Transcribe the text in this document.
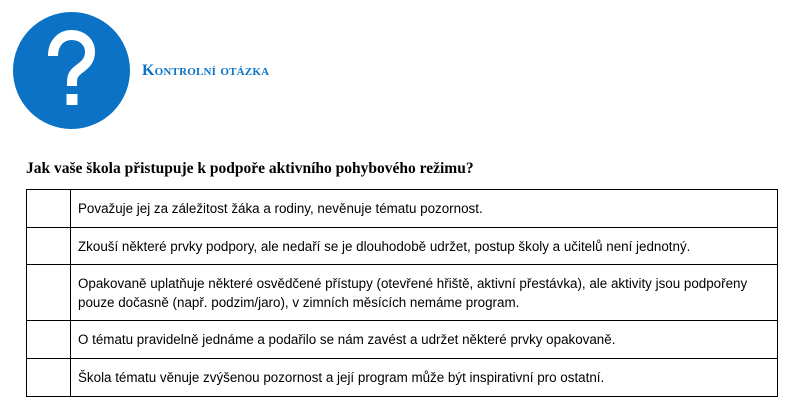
Kontrolní otázka
Jak vaše škola přistupuje k podpoře aktivního pohybového režimu?
	Považuje jej za záležitost žáka a rodiny, nevěnuje tématu pozornost.
	Zkouší některé prvky podpory, ale nedaří se je dlouhodobě udržet, postup školy a učitelů není jednotný.
	Opakovaně uplatňuje některé osvědčené přístupy (otevřené hřiště, aktivní přestávka), ale aktivity jsou podpořeny pouze dočasně (např. podzim/jaro), v zimních měsících nemáme program.
	O tématu pravidelně jednáme a podařilo se nám zavést a udržet některé prvky opakovaně.
	Škola tématu věnuje zvýšenou pozornost a její program může být inspirativní pro ostatní.
